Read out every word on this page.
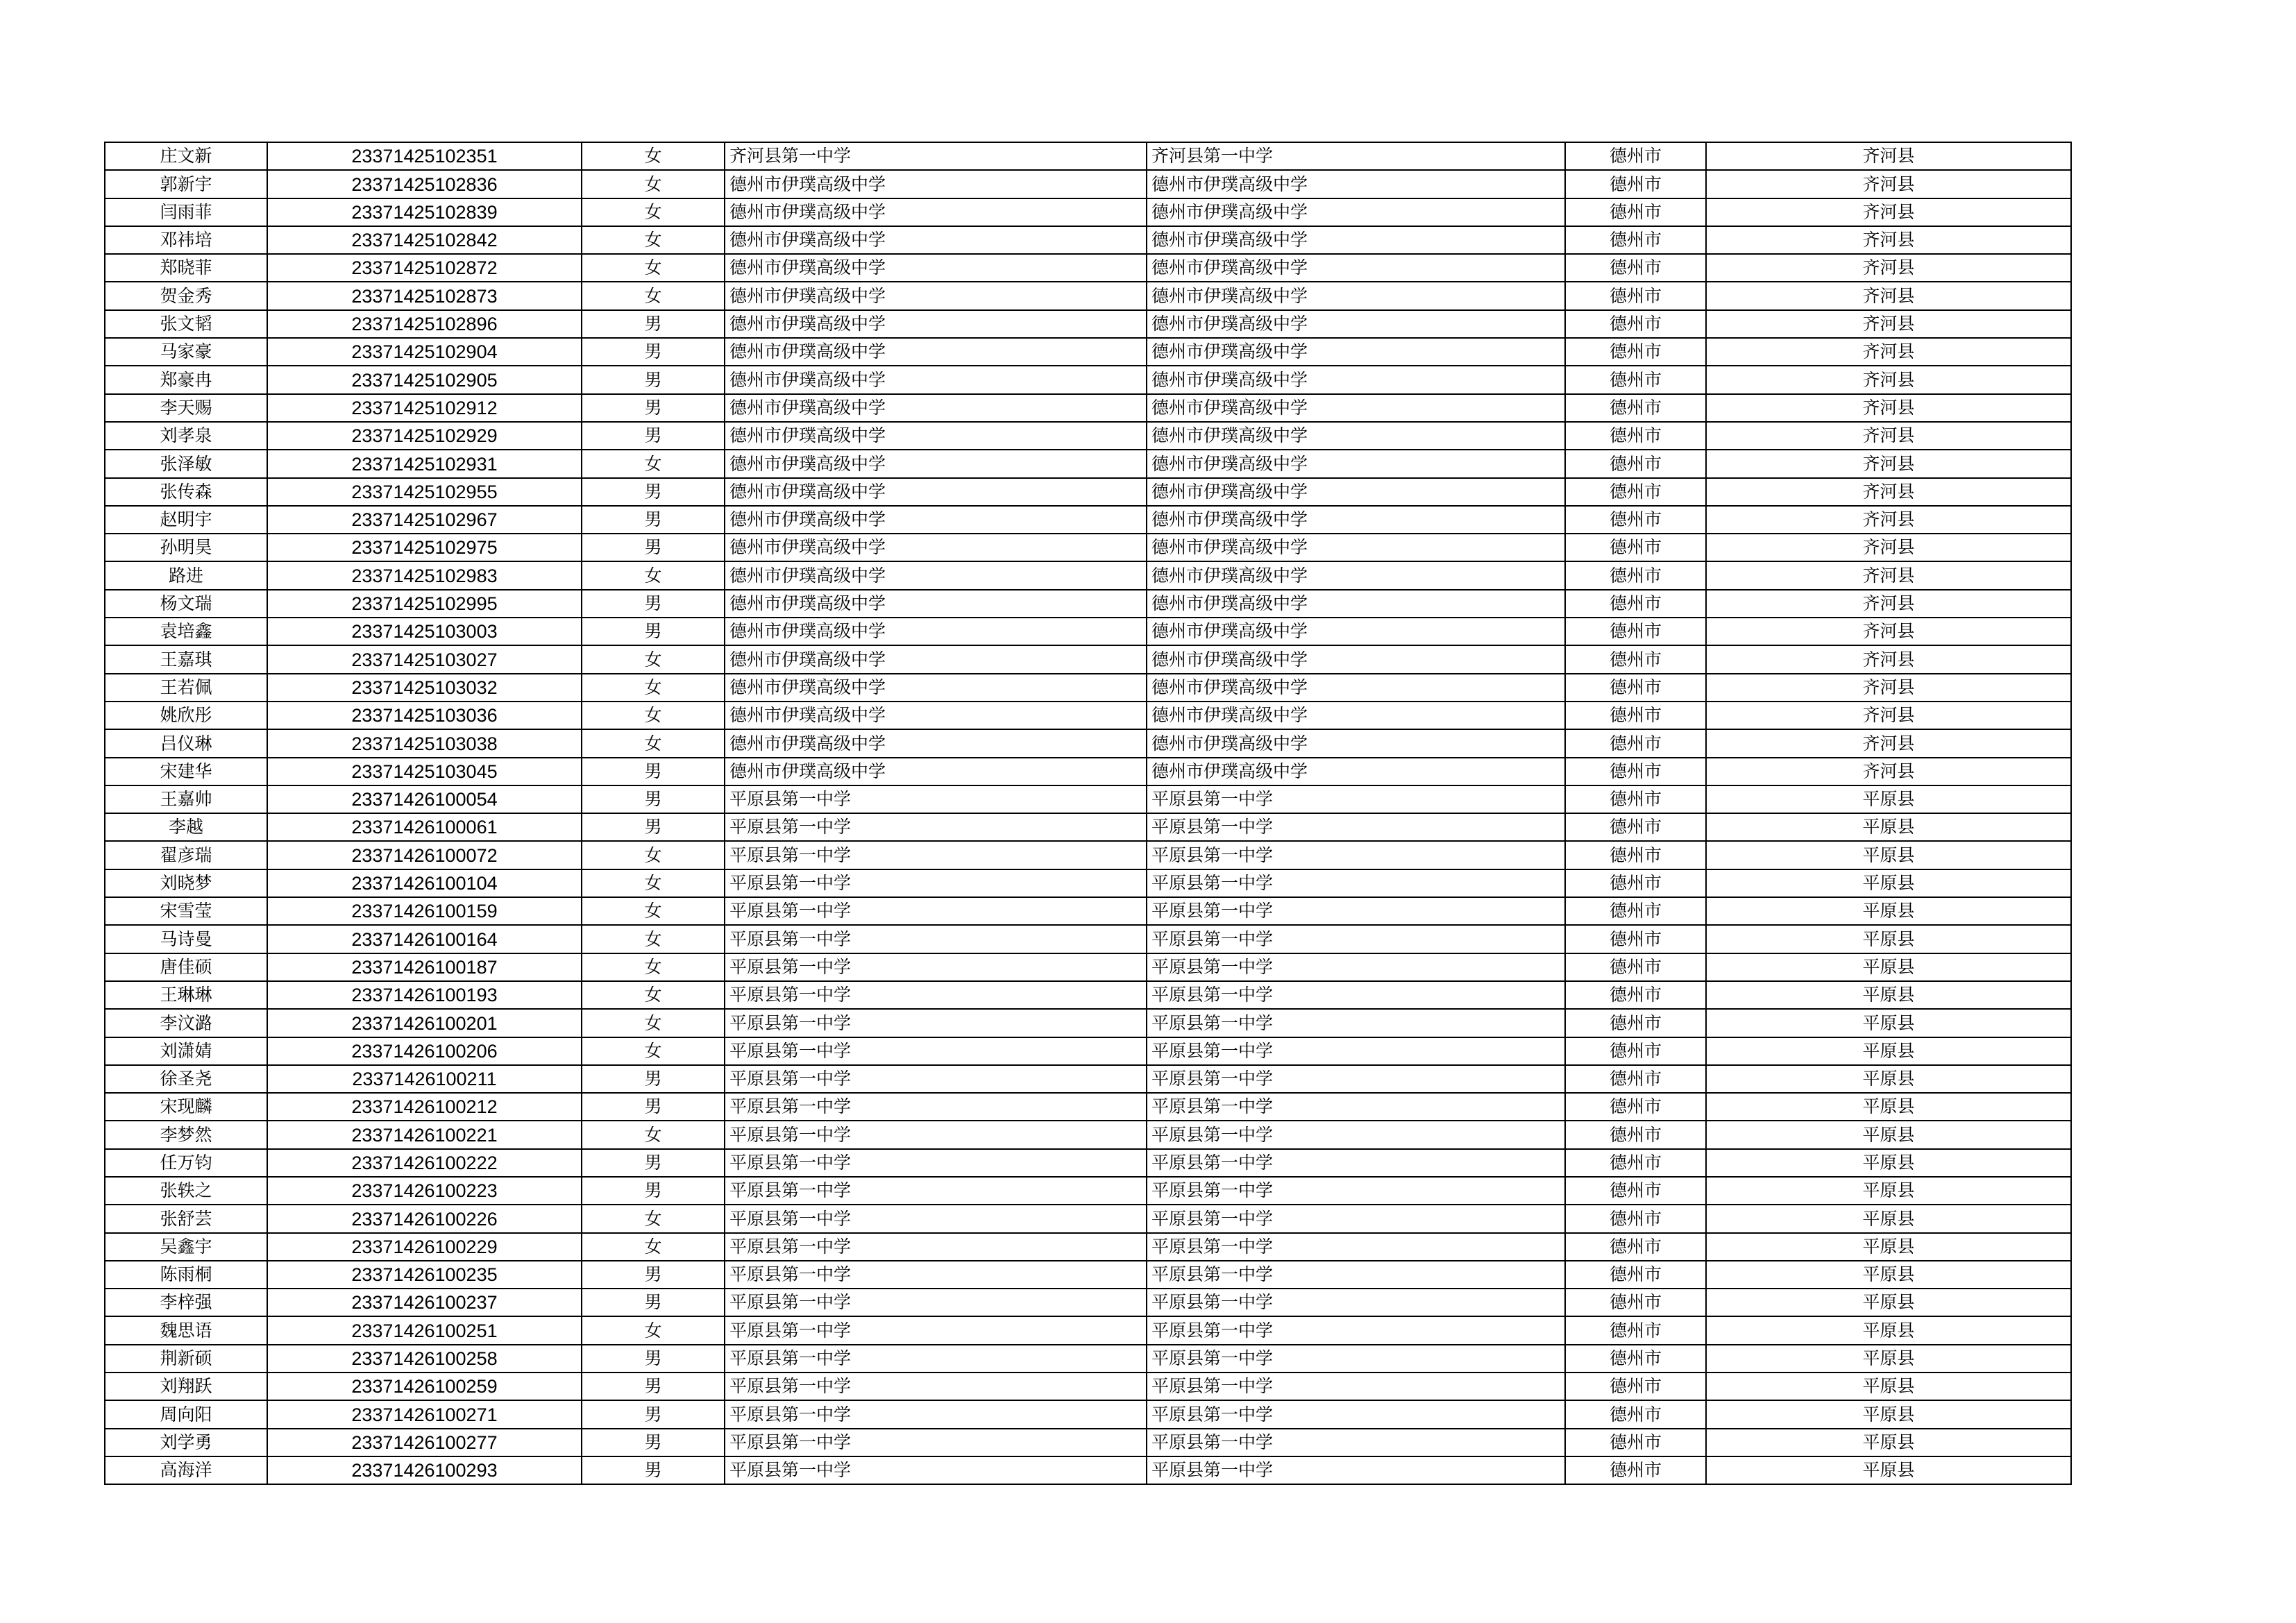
庄文新	23371425102351	女	齐河县第一中学	齐河县第一中学	德州市	齐河县
郭新宇	23371425102836	女	德州市伊璞高级中学	德州市伊璞高级中学	德州市	齐河县
闫雨菲	23371425102839	女	德州市伊璞高级中学	德州市伊璞高级中学	德州市	齐河县
邓祎培	23371425102842	女	德州市伊璞高级中学	德州市伊璞高级中学	德州市	齐河县
郑晓菲	23371425102872	女	德州市伊璞高级中学	德州市伊璞高级中学	德州市	齐河县
贺金秀	23371425102873	女	德州市伊璞高级中学	德州市伊璞高级中学	德州市	齐河县
张文韬	23371425102896	男	德州市伊璞高级中学	德州市伊璞高级中学	德州市	齐河县
马家豪	23371425102904	男	德州市伊璞高级中学	德州市伊璞高级中学	德州市	齐河县
郑豪冉	23371425102905	男	德州市伊璞高级中学	德州市伊璞高级中学	德州市	齐河县
李天赐	23371425102912	男	德州市伊璞高级中学	德州市伊璞高级中学	德州市	齐河县
刘孝泉	23371425102929	男	德州市伊璞高级中学	德州市伊璞高级中学	德州市	齐河县
张泽敏	23371425102931	女	德州市伊璞高级中学	德州市伊璞高级中学	德州市	齐河县
张传森	23371425102955	男	德州市伊璞高级中学	德州市伊璞高级中学	德州市	齐河县
赵明宇	23371425102967	男	德州市伊璞高级中学	德州市伊璞高级中学	德州市	齐河县
孙明昊	23371425102975	男	德州市伊璞高级中学	德州市伊璞高级中学	德州市	齐河县
路进	23371425102983	女	德州市伊璞高级中学	德州市伊璞高级中学	德州市	齐河县
杨文瑞	23371425102995	男	德州市伊璞高级中学	德州市伊璞高级中学	德州市	齐河县
袁培鑫	23371425103003	男	德州市伊璞高级中学	德州市伊璞高级中学	德州市	齐河县
王嘉琪	23371425103027	女	德州市伊璞高级中学	德州市伊璞高级中学	德州市	齐河县
王若佩	23371425103032	女	德州市伊璞高级中学	德州市伊璞高级中学	德州市	齐河县
姚欣彤	23371425103036	女	德州市伊璞高级中学	德州市伊璞高级中学	德州市	齐河县
吕仪琳	23371425103038	女	德州市伊璞高级中学	德州市伊璞高级中学	德州市	齐河县
宋建华	23371425103045	男	德州市伊璞高级中学	德州市伊璞高级中学	德州市	齐河县
王嘉帅	23371426100054	男	平原县第一中学	平原县第一中学	德州市	平原县
李越	23371426100061	男	平原县第一中学	平原县第一中学	德州市	平原县
翟彦瑞	23371426100072	女	平原县第一中学	平原县第一中学	德州市	平原县
刘晓梦	23371426100104	女	平原县第一中学	平原县第一中学	德州市	平原县
宋雪莹	23371426100159	女	平原县第一中学	平原县第一中学	德州市	平原县
马诗曼	23371426100164	女	平原县第一中学	平原县第一中学	德州市	平原县
唐佳硕	23371426100187	女	平原县第一中学	平原县第一中学	德州市	平原县
王琳琳	23371426100193	女	平原县第一中学	平原县第一中学	德州市	平原县
李汶潞	23371426100201	女	平原县第一中学	平原县第一中学	德州市	平原县
刘潇婧	23371426100206	女	平原县第一中学	平原县第一中学	德州市	平原县
徐圣尧	23371426100211	男	平原县第一中学	平原县第一中学	德州市	平原县
宋现麟	23371426100212	男	平原县第一中学	平原县第一中学	德州市	平原县
李梦然	23371426100221	女	平原县第一中学	平原县第一中学	德州市	平原县
任万钧	23371426100222	男	平原县第一中学	平原县第一中学	德州市	平原县
张轶之	23371426100223	男	平原县第一中学	平原县第一中学	德州市	平原县
张舒芸	23371426100226	女	平原县第一中学	平原县第一中学	德州市	平原县
吴鑫宇	23371426100229	女	平原县第一中学	平原县第一中学	德州市	平原县
陈雨桐	23371426100235	男	平原县第一中学	平原县第一中学	德州市	平原县
李梓强	23371426100237	男	平原县第一中学	平原县第一中学	德州市	平原县
魏思语	23371426100251	女	平原县第一中学	平原县第一中学	德州市	平原县
荆新硕	23371426100258	男	平原县第一中学	平原县第一中学	德州市	平原县
刘翔跃	23371426100259	男	平原县第一中学	平原县第一中学	德州市	平原县
周向阳	23371426100271	男	平原县第一中学	平原县第一中学	德州市	平原县
刘学勇	23371426100277	男	平原县第一中学	平原县第一中学	德州市	平原县
高海洋	23371426100293	男	平原县第一中学	平原县第一中学	德州市	平原县
